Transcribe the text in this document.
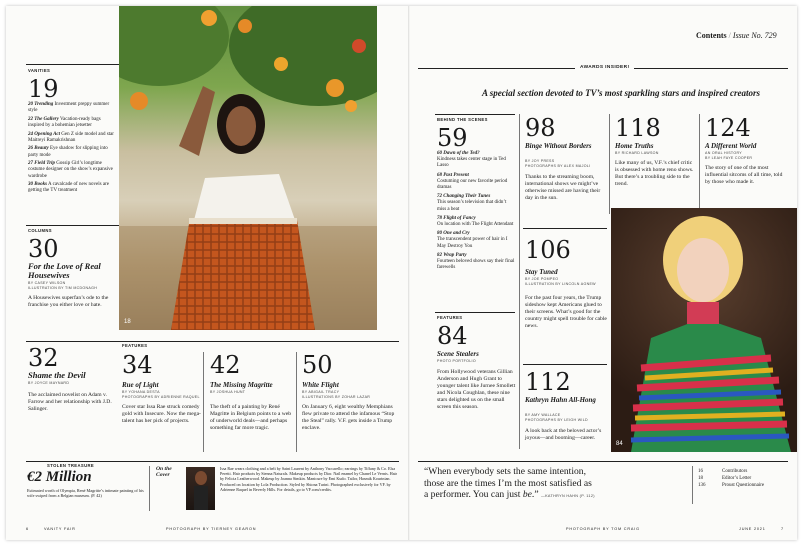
VANITIES
19
20 Trending Investment preppy summer style
22 The Gallery Vacation-ready bags inspired by a bohemian jetsetter
24 Opening Act Gen Z side model and star Maitreyi Ramakrishnan
26 Beauty Eye shadow for slipping into party mode
27 Field Trip Gossip Girl’s longtime costume designer on the show’s expansive wardrobe
30 Books A cavalcade of new novels are getting the TV treatment
COLUMNS
30
For the Love of Real Housewives
BY CASEY WILSON
ILLUSTRATION BY TIM MCDONAGH
A Housewives superfan’s ode to the franchise you either love or hate.
32
Shame the Devil
BY JOYCE MAYNARD
The acclaimed novelist on Adam v. Farrow and her relationship with J.D. Salinger.
18
FEATURES
34
Rue of Light
BY YOHANA DESTA
PHOTOGRAPHS BY ADRIENNE RAQUEL
Cover star Issa Rae struck comedy gold with Insecure. Now the mega-talent has her pick of projects.
42
The Missing Magritte
BY JOSHUA HUNT
The theft of a painting by René Magritte in Belgium points to a web of underworld deals—and perhaps something far more tragic.
50
White Flight
BY ABIGAIL TRACY
ILLUSTRATIONS BY ZOHAR LAZAR
On January 6, eight wealthy Memphians flew private to attend the infamous “Stop the Steal” rally. V.F. gets inside a Trump enclave.
STOLEN TREASURE
€2 Million
Estimated worth of Olympia, René Magritte’s intimate painting of his wife swiped from a Belgian museum. (P. 42)
On the
Cover
Issa Rae wears clothing and a belt by Saint Laurent by Anthony Vaccarello; earrings by Tiffany & Co. Elsa Peretti. Hair products by Sienna Naturals. Makeup products by Dior. Nail enamel by Chanel Le Vernis. Hair by Felicia Leatherwood. Makeup by Joanna Simkin. Manicure by Emi Kudo. Tailor, Hasmik Kourinian. Produced on location by Lola Production. Styled by Shiona Turini. Photographed exclusively for VF. by Adrienne Raquel in Beverly Hills. For details, go to VF.com/credits.
6	VANITY FAIR	PHOTOGRAPH BY TIERNEY GEARON
Contents / Issue No. 729
AWARDS INSIDER!
A special section devoted to TV’s most sparkling stars and inspired creators
BEHIND THE SCENES
59
60 Dawn of the Ted?
Kindness takes center stage in Ted Lasso
68 Past Present
Costuming our new favorite period dramas
72 Changing Their Tunes
This season’s television that didn’t miss a beat
78 Flight of Fancy
On location with The Flight Attendant
80 One and Cry
The transcendent power of hair in I May Destroy You
82 Wrap Party
Fourteen beloved shows say their final farewells
FEATURES
84
Scene Stealers
PHOTO PORTFOLIO
From Hollywood veterans Gillian Anderson and Hugh Grant to younger talent like Jurnee Smollett and Nicola Coughlan, these nine stars delighted us on the small screen this season.
98
Binge Without Borders
BY JOY PRESS
PHOTOGRAPHS BY ALEX MAJOLI
Thanks to the streaming boom, international shows we might’ve otherwise missed are having their day in the sun.
106
Stay Tuned
BY JOE POMPEO
ILLUSTRATION BY LINCOLN AGNEW
For the past four years, the Trump sideshow kept Americans glued to their screens. What’s good for the country might spell trouble for cable news.
112
Kathryn Hahn All-Hong
BY AMY WALLACE
PHOTOGRAPHS BY LEIGH WILD
A look back at the beloved actor’s joyous—and booming—career.
118
Home Truths
BY RICHARD LAWSON
Like many of us, V.F.’s chief critic is obsessed with home reno shows. But there’s a troubling side to the trend.
124
A Different World
AN ORAL HISTORY
BY LEAH FAYE COOPER
The story of one of the most influential sitcoms of all time, told by those who made it.
84
“When everybody sets the same intention,
those are the times I’m the most satisfied as
a performer. You can just be.” —KATHRYN HAHN (P. 112)
16	Contributors
18	Editor’s Letter
136	Proust Questionnaire
PHOTOGRAPH BY TOM CRAIG	JUNE 2021	7
